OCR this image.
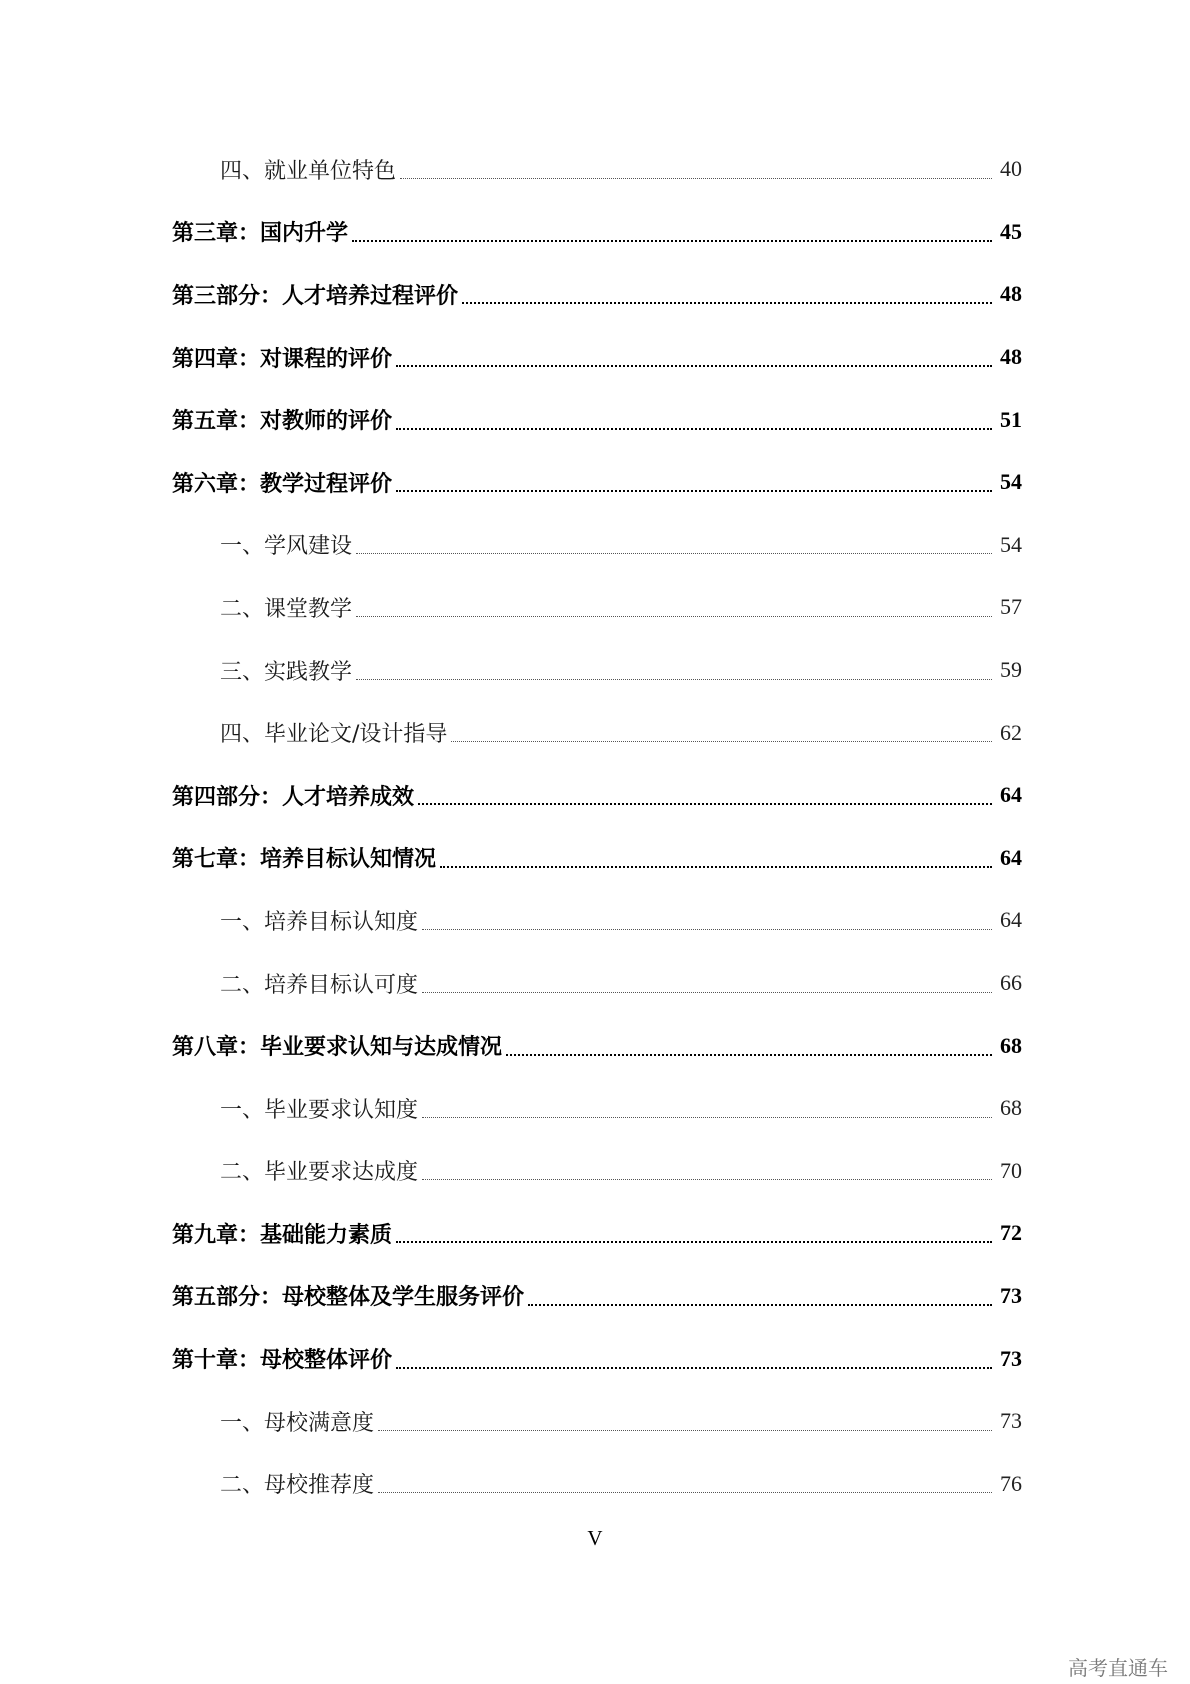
四、就业单位特色	40
第三章：国内升学	45
第三部分：人才培养过程评价	48
第四章：对课程的评价	48
第五章：对教师的评价	51
第六章：教学过程评价	54
一、学风建设	54
二、课堂教学	57
三、实践教学	59
四、毕业论文/设计指导	62
第四部分：人才培养成效	64
第七章：培养目标认知情况	64
一、培养目标认知度	64
二、培养目标认可度	66
第八章：毕业要求认知与达成情况	68
一、毕业要求认知度	68
二、毕业要求达成度	70
第九章：基础能力素质	72
第五部分：母校整体及学生服务评价	73
第十章：母校整体评价	73
一、母校满意度	73
二、母校推荐度	76
V
高考直通车
